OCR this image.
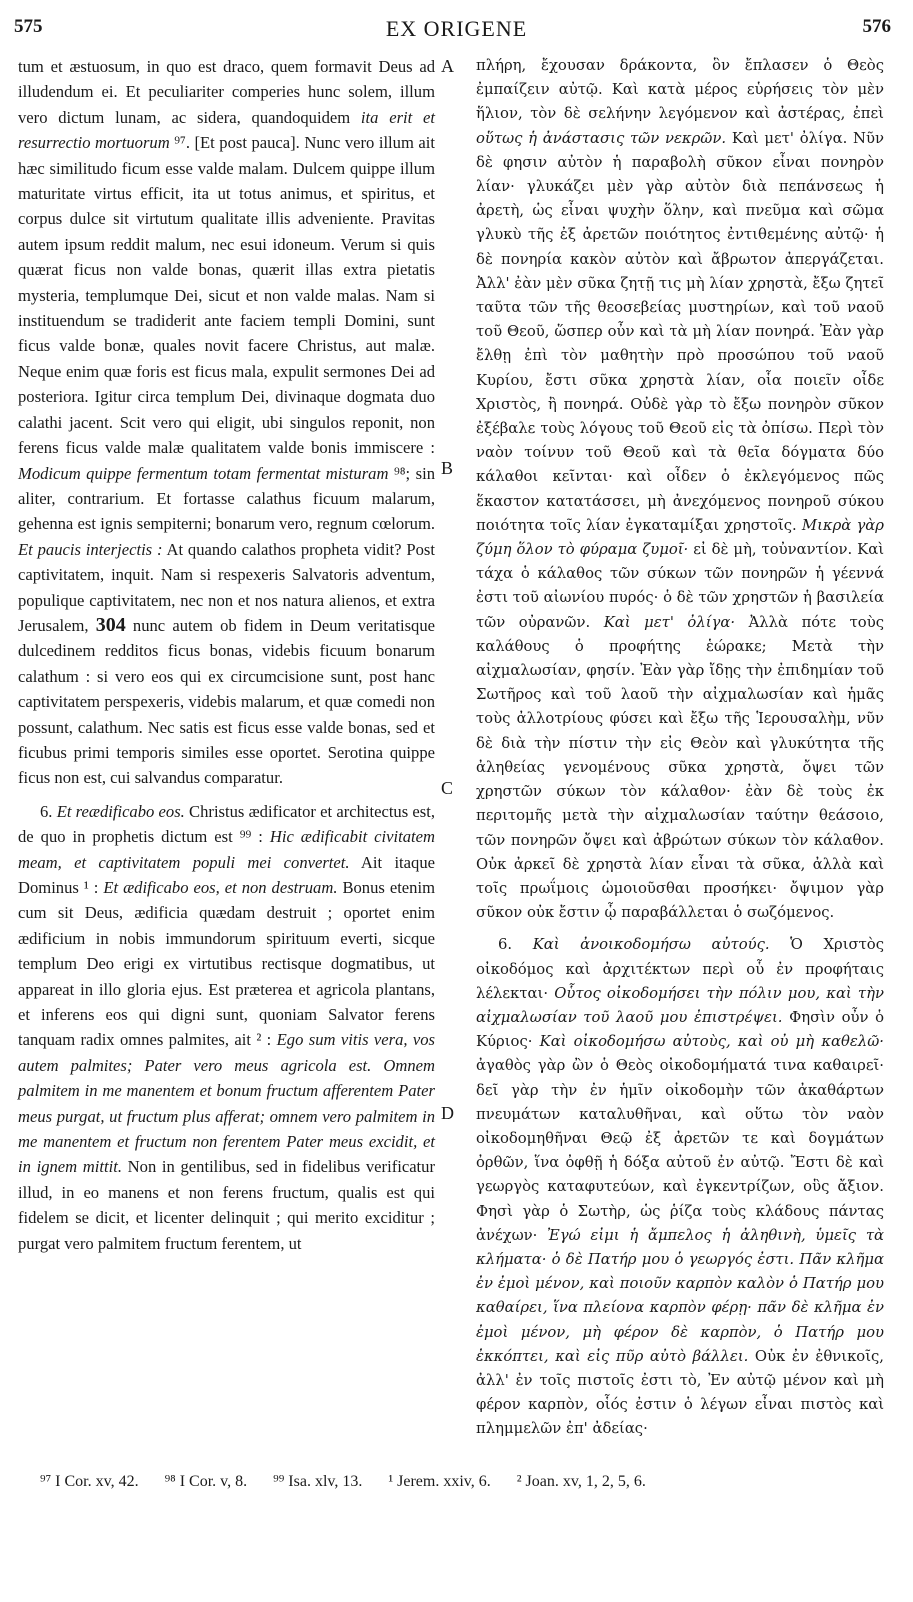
575	EX ORIGENE	576

tum et æstuosum, in quo est draco, quem formavit Deus ad illudendum ei. Et peculiariter comperies hunc solem, illum vero dictum lunam, ac sidera, quandoquidem ita erit et resurrectio mortuorum ⁹⁷. [Et post pauca]. Nunc vero illum ait hæc similitudo ficum esse valde malam. Dulcem quippe illum maturitate virtus efficit, ita ut totus animus, et spiritus, et corpus dulce sit virtutum qualitate illis adveniente. Pravitas autem ipsum reddit malum, nec esui idoneum. Verum si quis quærat ficus non valde bonas, quærit illas extra pietatis mysteria, templumque Dei, sicut et non valde malas. Nam si instituendum se tradiderit ante faciem templi Domini, sunt ficus valde bonæ, quales novit facere Christus, aut malæ. Neque enim quæ foris est ficus mala, expulit sermones Dei ad posteriora. Igitur circa templum Dei, divinaque dogmata duo calathi jacent. Scit vero qui eligit, ubi singulos reponit, non ferens ficus valde malæ qualitatem valde bonis immiscere : Modicum quippe fermentum totam fermentat misturam ⁹⁸; sin aliter, contrarium. Et fortasse calathus ficuum malarum, gehenna est ignis sempiterni; bonarum vero, regnum cœlorum. Et paucis interjectis : At quando calathos propheta vidit? Post captivitatem, inquit. Nam si respexeris Salvatoris adventum, populique captivitatem, nec non et nos natura alienos, et extra Jerusalem, 304 nunc autem ob fidem in Deum veritatisque dulcedinem redditos ficus bonas, videbis ficuum bonarum calathum : si vero eos qui ex circumcisione sunt, post hanc captivitatem perspexeris, videbis malarum, et quæ comedi non possunt, calathum. Nec satis est ficus esse valde bonas, sed et ficubus primi temporis similes esse oportet. Serotina quippe ficus non est, cui salvandus comparatur.

6. Et reædificabo eos. Christus ædificator et architectus est, de quo in prophetis dictum est ⁹⁹ : Hic ædificabit civitatem meam, et captivitatem populi mei convertet. Ait itaque Dominus ¹ : Et ædificabo eos, et non destruam. Bonus etenim cum sit Deus, ædificia quædam destruit ; oportet enim ædificium in nobis immundorum spirituum everti, sicque templum Deo erigi ex virtutibus rectisque dogmatibus, ut appareat in illo gloria ejus. Est præterea et agricola plantans, et inferens eos qui digni sunt, quoniam Salvator ferens tanquam radix omnes palmites, ait ² : Ego sum vitis vera, vos autem palmites; Pater vero meus agricola est. Omnem palmitem in me manentem et bonum fructum afferentem Pater meus purgat, ut fructum plus afferat; omnem vero palmitem in me manentem et fructum non ferentem Pater meus excidit, et in ignem mittit. Non in gentilibus, sed in fidelibus verificatur illud, in eo manens et non ferens fructum, qualis est qui fidelem se dicit, et licenter delinquit ; qui merito exciditur ; purgat vero palmitem fructum ferentem, ut

A
B
C
D

πλήρη, ἔχουσαν δράκοντα, ὃν ἔπλασεν ὁ Θεὸς ἐμπαίζειν αὐτῷ. Καὶ κατὰ μέρος εὑρήσεις τὸν μὲν ἥλιον, τὸν δὲ σελήνην λεγόμενον καὶ ἀστέρας, ἐπεὶ οὕτως ἡ ἀνάστασις τῶν νεκρῶν. Καὶ μετ' ὀλίγα. Νῦν δὲ φησιν αὐτὸν ἡ παραβολὴ σῦκον εἶναι πονηρὸν λίαν· γλυκάζει μὲν γὰρ αὐτὸν διὰ πεπάνσεως ἡ ἀρετὴ, ὡς εἶναι ψυχὴν ὅλην, καὶ πνεῦμα καὶ σῶμα γλυκὺ τῆς ἐξ ἀρετῶν ποιότητος ἐντιθεμένης αὐτῷ· ἡ δὲ πονηρία κακὸν αὐτὸν καὶ ἄβρωτον ἀπεργάζεται. Ἀλλ' ἐὰν μὲν σῦκα ζητῇ τις μὴ λίαν χρηστὰ, ἔξω ζητεῖ ταῦτα τῶν τῆς θεοσεβείας μυστηρίων, καὶ τοῦ ναοῦ τοῦ Θεοῦ, ὥσπερ οὖν καὶ τὰ μὴ λίαν πονηρά. Ἐὰν γὰρ ἔλθῃ ἐπὶ τὸν μαθητὴν πρὸ προσώπου τοῦ ναοῦ Κυρίου, ἔστι σῦκα χρηστὰ λίαν, οἷα ποιεῖν οἶδε Χριστὸς, ἢ πονηρά. Οὐδὲ γὰρ τὸ ἔξω πονηρὸν σῦκον ἐξέβαλε τοὺς λόγους τοῦ Θεοῦ εἰς τὰ ὀπίσω. Περὶ τὸν ναὸν τοίνυν τοῦ Θεοῦ καὶ τὰ θεῖα δόγματα δύο κάλαθοι κεῖνται· καὶ οἶδεν ὁ ἐκλεγόμενος πῶς ἕκαστον κατατάσσει, μὴ ἀνεχόμενος πονηροῦ σύκου ποιότητα τοῖς λίαν ἐγκαταμίξαι χρηστοῖς. Μικρὰ γὰρ ζύμη ὅλον τὸ φύραμα ζυμοῖ· εἰ δὲ μὴ, τοὐναντίον. Καὶ τάχα ὁ κάλαθος τῶν σύκων τῶν πονηρῶν ἡ γέεννά ἐστι τοῦ αἰωνίου πυρός· ὁ δὲ τῶν χρηστῶν ἡ βασιλεία τῶν οὐρανῶν. Καὶ μετ' ὀλίγα· Ἀλλὰ πότε τοὺς καλάθους ὁ προφήτης ἑώρακε; Μετὰ τὴν αἰχμαλωσίαν, φησίν. Ἐὰν γὰρ ἴδῃς τὴν ἐπιδημίαν τοῦ Σωτῆρος καὶ τοῦ λαοῦ τὴν αἰχμαλωσίαν καὶ ἡμᾶς τοὺς ἀλλοτρίους φύσει καὶ ἔξω τῆς Ἱερουσαλὴμ, νῦν δὲ διὰ τὴν πίστιν τὴν εἰς Θεὸν καὶ γλυκύτητα τῆς ἀληθείας γενομένους σῦκα χρηστὰ, ὄψει τῶν χρηστῶν σύκων τὸν κάλαθον· ἐὰν δὲ τοὺς ἐκ περιτομῆς μετὰ τὴν αἰχμαλωσίαν ταύτην θεάσοιο, τῶν πονηρῶν ὄψει καὶ ἀβρώτων σύκων τὸν κάλαθον. Οὐκ ἀρκεῖ δὲ χρηστὰ λίαν εἶναι τὰ σῦκα, ἀλλὰ καὶ τοῖς πρωΐμοις ὡμοιοῦσθαι προσήκει· ὄψιμον γὰρ σῦκον οὐκ ἔστιν ᾧ παραβάλλεται ὁ σωζόμενος.

6. Καὶ ἀνοικοδομήσω αὐτούς. Ὁ Χριστὸς οἰκοδόμος καὶ ἀρχιτέκτων περὶ οὗ ἐν προφήταις λέλεκται· Οὗτος οἰκοδομήσει τὴν πόλιν μου, καὶ τὴν αἰχμαλωσίαν τοῦ λαοῦ μου ἐπιστρέψει. Φησὶν οὖν ὁ Κύριος· Καὶ οἰκοδομήσω αὐτοὺς, καὶ οὐ μὴ καθελῶ· ἀγαθὸς γὰρ ὢν ὁ Θεὸς οἰκοδομήματά τινα καθαιρεῖ· δεῖ γὰρ τὴν ἐν ἡμῖν οἰκοδομὴν τῶν ἀκαθάρτων πνευμάτων καταλυθῆναι, καὶ οὕτω τὸν ναὸν οἰκοδομηθῆναι Θεῷ ἐξ ἀρετῶν τε καὶ δογμάτων ὀρθῶν, ἵνα ὀφθῇ ἡ δόξα αὐτοῦ ἐν αὐτῷ. Ἔστι δὲ καὶ γεωργὸς καταφυτεύων, καὶ ἐγκεντρίζων, οὓς ἄξιον. Φησὶ γὰρ ὁ Σωτὴρ, ὡς ῥίζα τοὺς κλάδους πάντας ἀνέχων· Ἐγώ εἰμι ἡ ἄμπελος ἡ ἀληθινὴ, ὑμεῖς τὰ κλήματα· ὁ δὲ Πατήρ μου ὁ γεωργός ἐστι. Πᾶν κλῆμα ἐν ἐμοὶ μένον, καὶ ποιοῦν καρπὸν καλὸν ὁ Πατήρ μου καθαίρει, ἵνα πλείονα καρπὸν φέρῃ· πᾶν δὲ κλῆμα ἐν ἐμοὶ μένον, μὴ φέρον δὲ καρπὸν, ὁ Πατήρ μου ἐκκόπτει, καὶ εἰς πῦρ αὐτὸ βάλλει. Οὐκ ἐν ἐθνικοῖς, ἀλλ' ἐν τοῖς πιστοῖς ἐστι τὸ, Ἐν αὐτῷ μένον καὶ μὴ φέρον καρπὸν, οἷός ἐστιν ὁ λέγων εἶναι πιστὸς καὶ πλημμελῶν ἐπ' ἀδείας·

⁹⁷ I Cor. xv, 42. ⁹⁸ I Cor. v, 8. ⁹⁹ Isa. xlv, 13. ¹ Jerem. xxiv, 6. ² Joan. xv, 1, 2, 5, 6.
